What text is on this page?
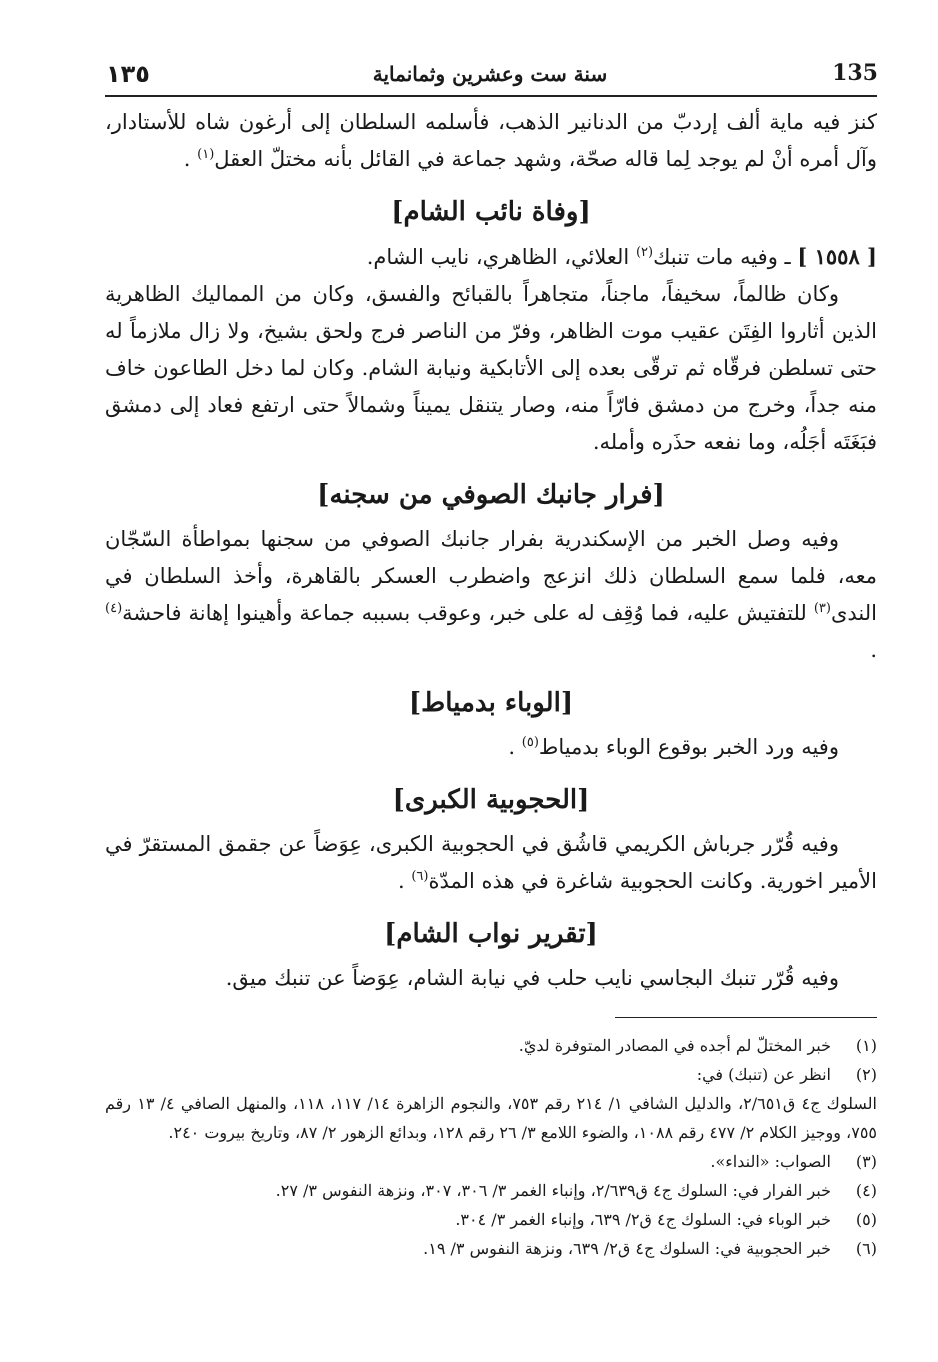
١٣٥	سنة ست وعشرين وثمانماية	135

كنز فيه ماية ألف إردبّ من الدنانير الذهب، فأسلمه السلطان إلى أرغون شاه للأستادار، وآل أمره أنْ لم يوجد لِما قاله صحّة، وشهد جماعة في القائل بأنه مختلّ العقل$^{(١)}$ .

[وفاة نائب الشام]

[ ١٥٥٨ ] ـ وفيه مات تنبك$^{(٢)}$ العلائي، الظاهري، نايب الشام.

وكان ظالماً، سخيفاً، ماجناً، متجاهراً بالقبائح والفسق، وكان من المماليك الظاهرية الذين أثاروا الفِتَن عقيب موت الظاهر، وفرّ من الناصر فرج ولحق بشيخ، ولا زال ملازماً له حتى تسلطن فرقّاه ثم ترقّى بعده إلى الأتابكية ونيابة الشام. وكان لما دخل الطاعون خاف منه جداً، وخرج من دمشق فارّاً منه، وصار يتنقل يميناً وشمالاً حتى ارتفع فعاد إلى دمشق فبَغَتَه أجَلُه، وما نفعه حذَره وأمله.

[فرار جانبك الصوفي من سجنه]

وفيه وصل الخبر من الإسكندرية بفرار جانبك الصوفي من سجنها بمواطأة السّجّان معه، فلما سمع السلطان ذلك انزعج واضطرب العسكر بالقاهرة، وأخذ السلطان في الندى$^{(٣)}$ للتفتيش عليه، فما وُقِف له على خبر، وعوقب بسببه جماعة وأهينوا إهانة فاحشة$^{(٤)}$ .

[الوباء بدمياط]

وفيه ورد الخبر بوقوع الوباء بدمياط$^{(٥)}$ .

[الحجوبية الكبرى]

وفيه قُرّر جرباش الكريمي قاشُق في الحجوبية الكبرى، عِوَضاً عن جقمق المستقرّ في الأمير اخورية. وكانت الحجوبية شاغرة في هذه المدّة$^{(٦)}$ .

[تقرير نواب الشام]

وفيه قُرّر تنبك البجاسي نايب حلب في نيابة الشام، عِوَضاً عن تنبك ميق.

(١)
خبر المختلّ لم أجده في المصادر المتوفرة لديّ.
(٢)
انظر عن (تنبك) في:
السلوك ج٤ ق٢/٦٥١، والدليل الشافي ١/ ٢١٤ رقم ٧٥٣، والنجوم الزاهرة ١٤/ ١١٧، ١١٨، والمنهل الصافي ٤/ ١٣ رقم ٧٥٥، ووجيز الكلام ٢/ ٤٧٧ رقم ١٠٨٨، والضوء اللامع ٣/ ٢٦ رقم ١٢٨، وبدائع الزهور ٢/ ٨٧، وتاريخ بيروت ٢٤٠.
(٣)
الصواب: «النداء».
(٤)
خبر الفرار في: السلوك ج٤ ق٢/٦٣٩، وإنباء الغمر ٣/ ٣٠٦، ٣٠٧، ونزهة النفوس ٣/ ٢٧.
(٥)
خبر الوباء في: السلوك ج٤ ق٢/ ٦٣٩، وإنباء الغمر ٣/ ٣٠٤.
(٦)
خبر الحجوبية في: السلوك ج٤ ق٢/ ٦٣٩، ونزهة النفوس ٣/ ١٩.
